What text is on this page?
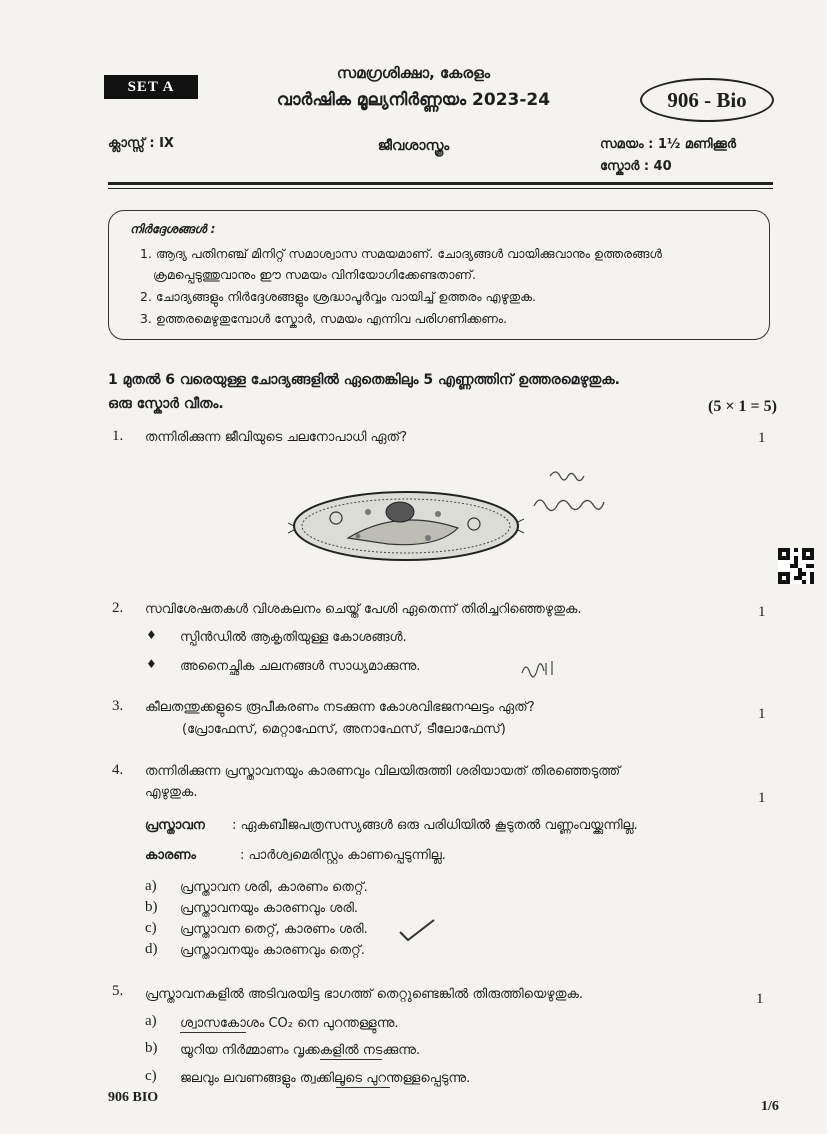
SET A
സമഗ്രശിക്ഷാ, കേരളം
വാർഷിക മൂല്യനിർണ്ണയം 2023-24	906 - Bio
ക്ലാസ്സ് : IX	ജീവശാസ്ത്രം	സമയം : 1½ മണിക്കൂർ
സ്കോർ : 40
നിർദ്ദേശങ്ങൾ :
1. ആദ്യ പതിനഞ്ച് മിനിറ്റ് സമാശ്വാസ സമയമാണ്. ചോദ്യങ്ങൾ വായിക്കുവാനും ഉത്തരങ്ങൾ
ക്രമപ്പെടുത്തുവാനും ഈ സമയം വിനിയോഗിക്കേണ്ടതാണ്.
2. ചോദ്യങ്ങളും നിർദ്ദേശങ്ങളും ശ്രദ്ധാപൂർവ്വം വായിച്ച് ഉത്തരം എഴുതുക.
3. ഉത്തരമെഴുതുമ്പോൾ സ്കോർ, സമയം എന്നിവ പരിഗണിക്കണം.
1 മുതൽ 6 വരെയുള്ള ചോദ്യങ്ങളിൽ ഏതെങ്കിലും 5 എണ്ണത്തിന് ഉത്തരമെഴുതുക.
ഒരു സ്കോർ വീതം.	(5 × 1 = 5)
1. തന്നിരിക്കുന്ന ജീവിയുടെ ചലനോപാധി ഏത്?	1
2. സവിശേഷതകൾ വിശകലനം ചെയ്ത് പേശി ഏതെന്ന് തിരിച്ചറിഞ്ഞെഴുതുക.	1
♦ സ്പിൻഡിൽ ആകൃതിയുള്ള കോശങ്ങൾ.
♦ അനൈച്ഛിക ചലനങ്ങൾ സാധ്യമാക്കുന്നു.
3. കീലതന്തുക്കളുടെ രൂപീകരണം നടക്കുന്ന കോശവിഭജനഘട്ടം ഏത്?	1
(പ്രോഫേസ്, മെറ്റാഫേസ്, അനാഫേസ്, ടീലോഫേസ്)
4. തന്നിരിക്കുന്ന പ്രസ്താവനയും കാരണവും വിലയിരുത്തി ശരിയായത് തിരഞ്ഞെടുത്ത്
എഴുതുക.	1
പ്രസ്താവന : ഏകബീജപത്രസസ്യങ്ങൾ ഒരു പരിധിയിൽ കൂടുതൽ വണ്ണംവയ്ക്കുന്നില്ല.
കാരണം	: പാർശ്വമെരിസ്റ്റം കാണപ്പെടുന്നില്ല.
a) പ്രസ്താവന ശരി, കാരണം തെറ്റ്.
b) പ്രസ്താവനയും കാരണവും ശരി.
c) പ്രസ്താവന തെറ്റ്, കാരണം ശരി.
d) പ്രസ്താവനയും കാരണവും തെറ്റ്.
5. പ്രസ്താവനകളിൽ അടിവരയിട്ട ഭാഗത്ത് തെറ്റുണ്ടെങ്കിൽ തിരുത്തിയെഴുതുക.	1
a) ശ്വാസകോശം CO₂ നെ പുറന്തള്ളുന്നു.
b) യൂറിയ നിർമ്മാണം വൃക്കകളിൽ നടക്കുന്നു.
c) ജലവും ലവണങ്ങളും ത്വക്കിലൂടെ പുറന്തള്ളപ്പെടുന്നു.
906 BIO
1/6
